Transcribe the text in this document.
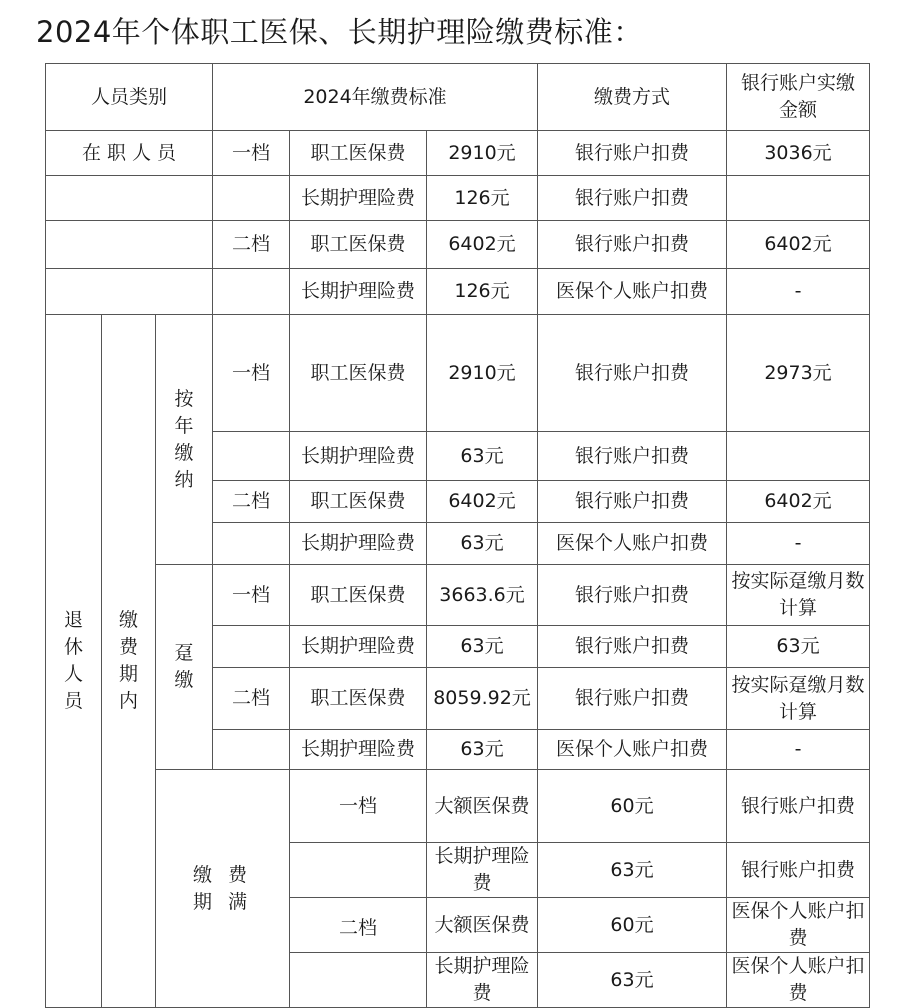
2024年个体职工医保、长期护理险缴费标准：
人员类别			2024年缴费标准			缴费方式	银行账户实缴金额	
在 职 人 员			一档	职工医保费	2910元	银行账户扣费	3036元	
				长期护理险费	126元	银行账户扣费		
			二档	职工医保费	6402元	银行账户扣费	6402元	
				长期护理险费	126元	医保个人账户扣费	-	

退休人员	缴费期内	按年缴纳	一档	职工医保费	2910元	银行账户扣费	2973元	
				长期护理险费	63元	银行账户扣费		
			二档	职工医保费	6402元	银行账户扣费	6402元	
				长期护理险费	63元	医保个人账户扣费	-	

		趸缴	一档	职工医保费	3663.6元	银行账户扣费	按实际趸缴月数计算	
				长期护理险费	63元	银行账户扣费	63元	
			二档	职工医保费	8059.92元	银行账户扣费	按实际趸缴月数计算	
				长期护理险费	63元	医保个人账户扣费	-	

		缴 费 期 满		一档	大额医保费	60元	银行账户扣费	
					长期护理险费	63元	银行账户扣费	
				二档	大额医保费	60元	医保个人账户扣费	
					长期护理险费	63元	医保个人账户扣费	
